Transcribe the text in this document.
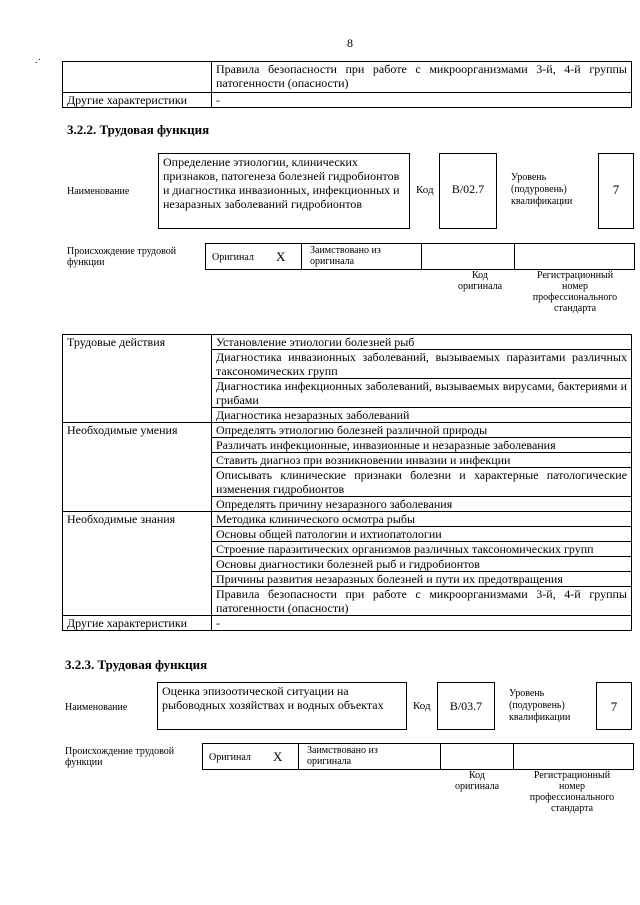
8
.·
	Правила безопасности при работе с микроорганизмами 3-й, 4-й группы патогенности (опасности)
Другие характеристики	-
3.2.2. Трудовая функция
Наименование
Определение этиологии, клинических признаков, патогенеза болезней гидробионтов и диагностика инвазионных, инфекционных и незаразных заболеваний гидробионтов
Код	B/02.7
Уровень (подуровень) квалификации
7
Происхождение трудовой функции	Оригинал X Заимствовано из оригинала
Код оригинала
Регистрационный номер профессионального стандарта
Трудовые действия	Установление этиологии болезней рыб
	Диагностика инвазионных заболеваний, вызываемых паразитами различных таксономических групп
	Диагностика инфекционных заболеваний, вызываемых вирусами, бактериями и грибами
	Диагностика незаразных заболеваний
Необходимые умения	Определять этиологию болезней различной природы
	Различать инфекционные, инвазионные и незаразные заболевания
	Ставить диагноз при возникновении инвазии и инфекции
	Описывать клинические признаки болезни и характерные патологические изменения гидробионтов
	Определять причину незаразного заболевания
Необходимые знания	Методика клинического осмотра рыбы
	Основы общей патологии и ихтиопатологии
	Строение паразитических организмов различных таксономических групп
	Основы диагностики болезней рыб и гидробионтов
	Причины развития незаразных болезней и пути их предотвращения
	Правила безопасности при работе с микроорганизмами 3-й, 4-й группы патогенности (опасности)
Другие характеристики	-
3.2.3. Трудовая функция
Наименование
Оценка эпизоотической ситуации на рыбоводных хозяйствах и водных объектах	Код	B/03.7
Уровень (подуровень) квалификации
7
Происхождение трудовой функции	Оригинал X Заимствовано из оригинала
Код оригинала
Регистрационный номер профессионального стандарта
